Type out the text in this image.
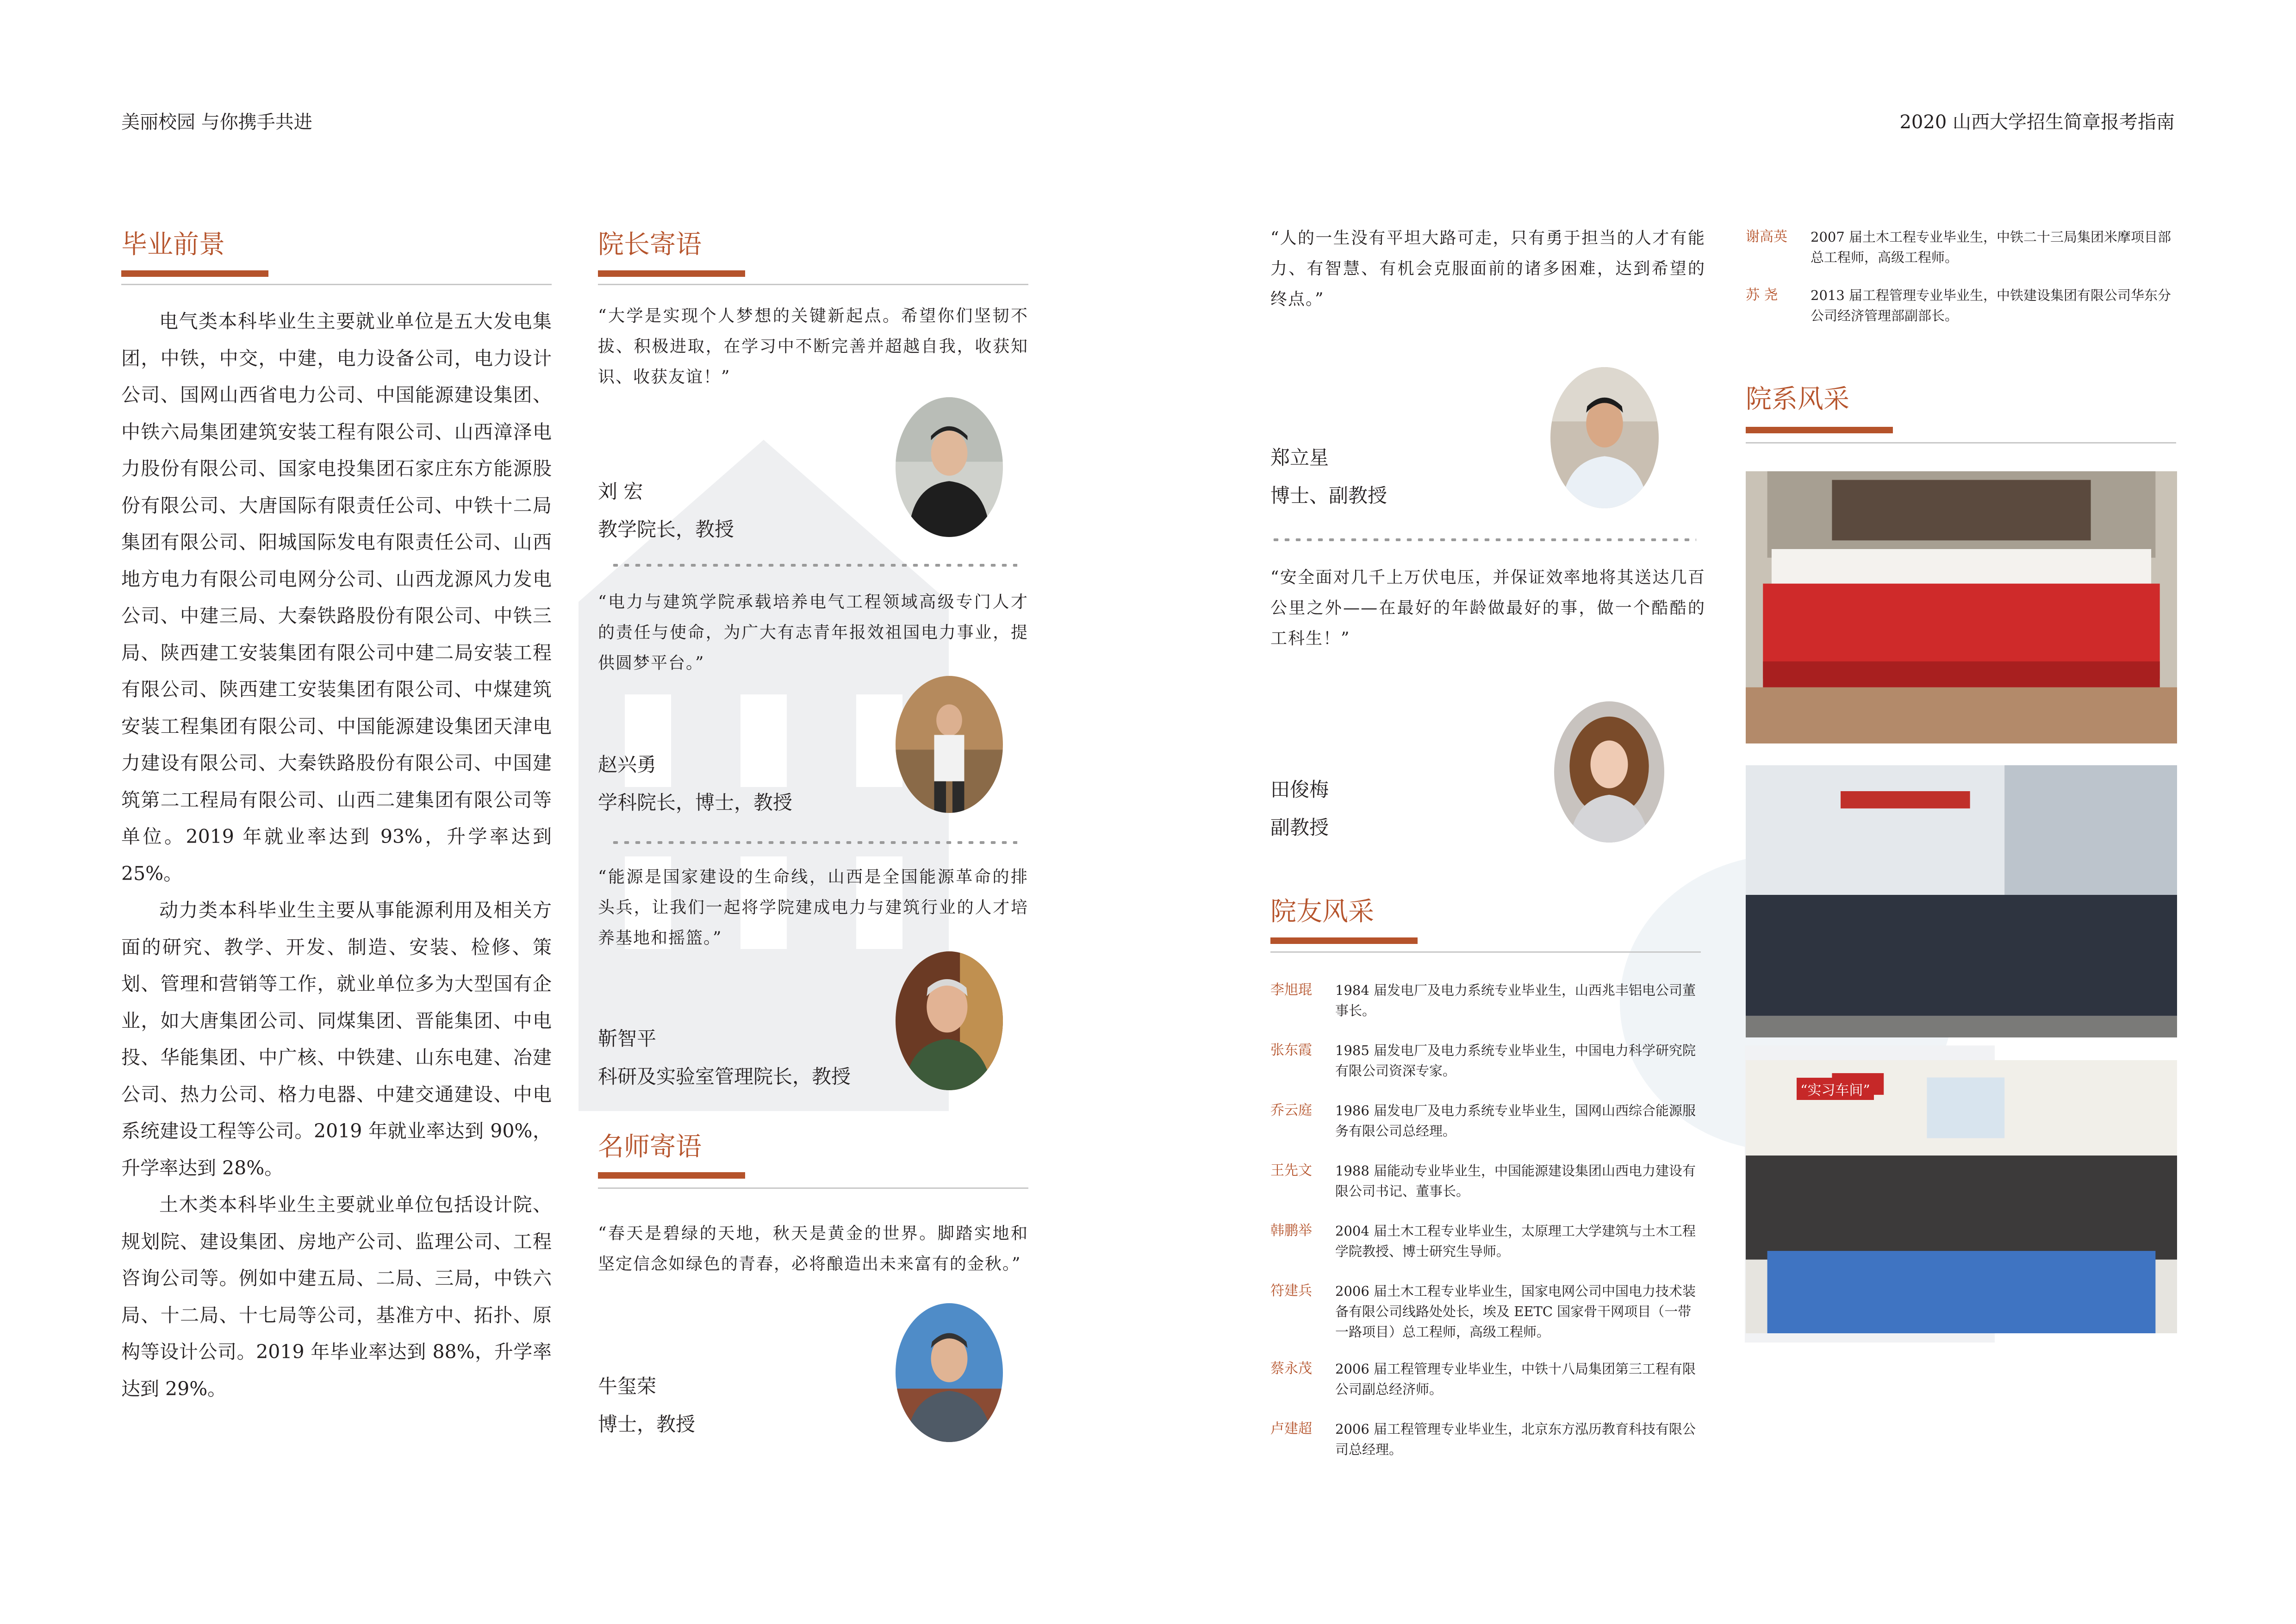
美丽校园 与你携手共进	2020 山西大学招生简章报考指南
毕业前景

电气类本科毕业生主要就业单位是五大发电集团，中铁，中交，中建，电力设备公司，电力设计公司、国网山西省电力公司、中国能源建设集团、中铁六局集团建筑安装工程有限公司、山西漳泽电力股份有限公司、国家电投集团石家庄东方能源股份有限公司、大唐国际有限责任公司、中铁十二局集团有限公司、阳城国际发电有限责任公司、山西地方电力有限公司电网分公司、山西龙源风力发电公司、中建三局、大秦铁路股份有限公司、中铁三局、陕西建工安装集团有限公司中建二局安装工程有限公司、陕西建工安装集团有限公司、中煤建筑安装工程集团有限公司、中国能源建设集团天津电力建设有限公司、大秦铁路股份有限公司、中国建筑第二工程局有限公司、山西二建集团有限公司等单位。2019 年就业率达到 93%，升学率达到 25%。

动力类本科毕业生主要从事能源利用及相关方面的研究、教学、开发、制造、安装、检修、策划、管理和营销等工作，就业单位多为大型国有企业，如大唐集团公司、同煤集团、晋能集团、中电投、华能集团、中广核、中铁建、山东电建、冶建公司、热力公司、格力电器、中建交通建设、中电系统建设工程等公司。2019 年就业率达到 90%，升学率达到 28%。

土木类本科毕业生主要就业单位包括设计院、规划院、建设集团、房地产公司、监理公司、工程咨询公司等。例如中建五局、二局、三局，中铁六局、十二局、十七局等公司，基准方中、拓扑、原构等设计公司。2019 年毕业率达到 88%，升学率达到 29%。

院长寄语
“大学是实现个人梦想的关键新起点。希望你们坚韧不拔、积极进取，在学习中不断完善并超越自我，收获知识、收获友谊！”
刘 宏
教学院长，教授
“电力与建筑学院承载培养电气工程领域高级专门人才的责任与使命，为广大有志青年报效祖国电力事业，提供圆梦平台。”
赵兴勇
学科院长，博士，教授
“能源是国家建设的生命线，山西是全国能源革命的排头兵，让我们一起将学院建成电力与建筑行业的人才培养基地和摇篮。”
靳智平
科研及实验室管理院长，教授
名师寄语
“春天是碧绿的天地，秋天是黄金的世界。脚踏实地和坚定信念如绿色的青春，必将酿造出未来富有的金秋。”
牛玺荣
博士，教授
“人的一生没有平坦大路可走，只有勇于担当的人才有能力、有智慧、有机会克服面前的诸多困难，达到希望的终点。”
郑立星
博士、副教授
“安全面对几千上万伏电压，并保证效率地将其送达几百公里之外——在最好的年龄做最好的事，做一个酷酷的工科生！”
田俊梅
副教授
院友风采
李旭琨	1984 届发电厂及电力系统专业毕业生，山西兆丰铝电公司董事长。
张东霞	1985 届发电厂及电力系统专业毕业生，中国电力科学研究院有限公司资深专家。
乔云庭	1986 届发电厂及电力系统专业毕业生，国网山西综合能源服务有限公司总经理。
王先文	1988 届能动专业毕业生，中国能源建设集团山西电力建设有限公司书记、董事长。
韩鹏举	2004 届土木工程专业毕业生，太原理工大学建筑与土木工程学院教授、博士研究生导师。
符建兵	2006 届土木工程专业毕业生，国家电网公司中国电力技术装备有限公司线路处处长，埃及 EETC 国家骨干网项目（一带一路项目）总工程师，高级工程师。
蔡永茂	2006 届工程管理专业毕业生，中铁十八局集团第三工程有限公司副总经济师。
卢建超	2006 届工程管理专业毕业生，北京东方泓历教育科技有限公司总经理。
谢高英	2007 届土木工程专业毕业生，中铁二十三局集团米摩项目部总工程师，高级工程师。
苏 尧	2013 届工程管理专业毕业生，中铁建设集团有限公司华东分公司经济管理部副部长。
院系风采
“实习车间”
